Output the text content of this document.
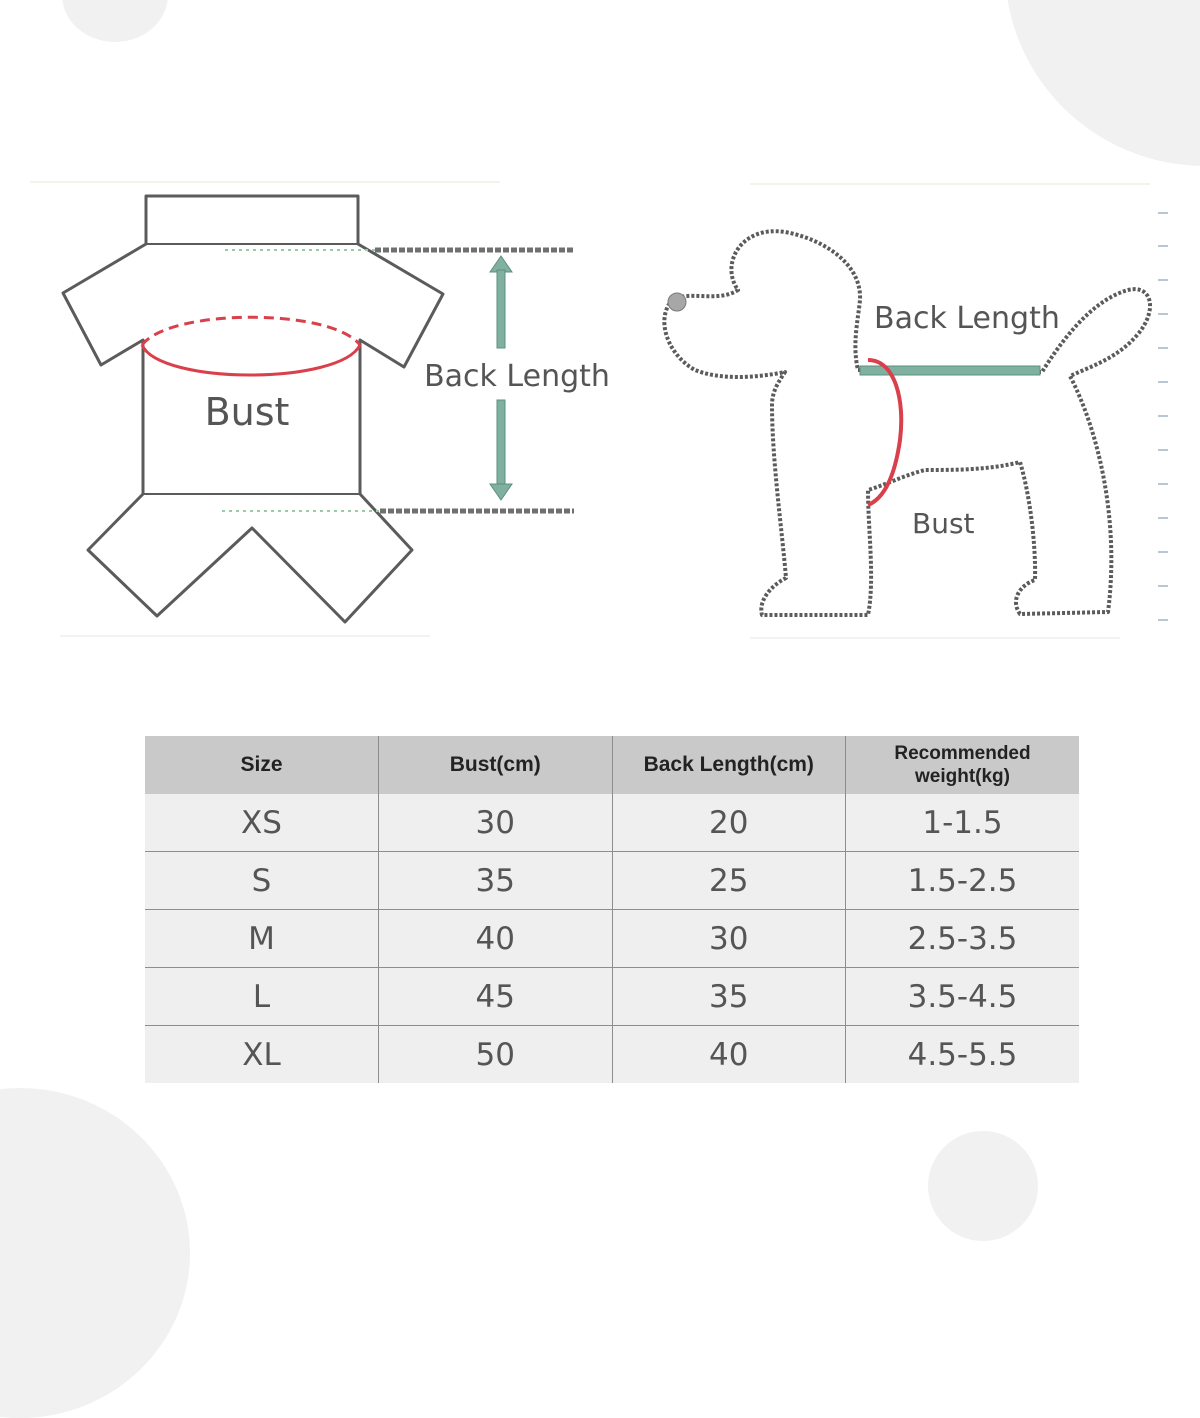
Bust
Back Length
Back Length
Bust
Size	Bust(cm)	Back Length(cm)	Recommended weight(kg)
XS	30	20	1-1.5
S	35	25	1.5-2.5
M	40	30	2.5-3.5
L	45	35	3.5-4.5
XL	50	40	4.5-5.5
